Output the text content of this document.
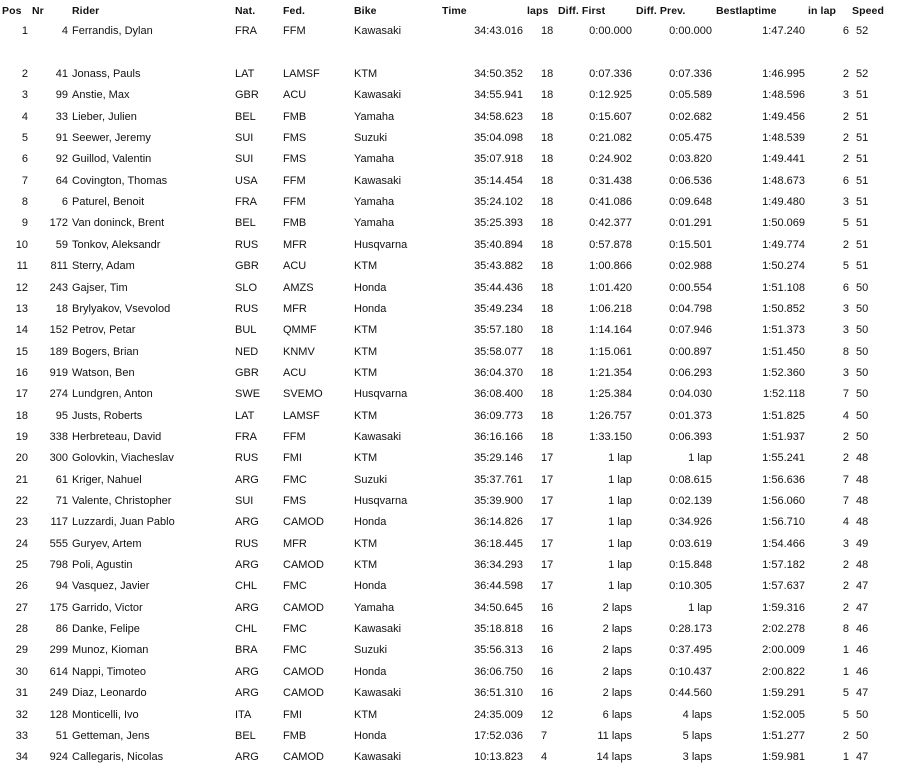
Pos Nr	Rider	Nat.	Fed.	Bike	Time	laps Diff. First	Diff. Prev.	Bestlaptime	in lap	Speed
1	4 Ferrandis, Dylan	FRA	FFM	Kawasaki	34:43.016	18	0:00.000	0:00.000	1:47.240	6 52
2	41 Jonass, Pauls	LAT	LAMSF	KTM	34:50.352	18	0:07.336	0:07.336	1:46.995	2 52
3	99 Anstie, Max	GBR	ACU	Kawasaki	34:55.941	18	0:12.925	0:05.589	1:48.596	3 51
4	33 Lieber, Julien	BEL	FMB	Yamaha	34:58.623	18	0:15.607	0:02.682	1:49.456	2 51
5	91 Seewer, Jeremy	SUI	FMS	Suzuki	35:04.098	18	0:21.082	0:05.475	1:48.539	2 51
6	92 Guillod, Valentin	SUI	FMS	Yamaha	35:07.918	18	0:24.902	0:03.820	1:49.441	2 51
7	64 Covington, Thomas	USA	FFM	Kawasaki	35:14.454	18	0:31.438	0:06.536	1:48.673	6 51
8	6 Paturel, Benoit	FRA	FFM	Yamaha	35:24.102	18	0:41.086	0:09.648	1:49.480	3 51
9	172 Van doninck, Brent	BEL	FMB	Yamaha	35:25.393	18	0:42.377	0:01.291	1:50.069	5 51
10	59 Tonkov, Aleksandr	RUS	MFR	Husqvarna	35:40.894	18	0:57.878	0:15.501	1:49.774	2 51
11	811 Sterry, Adam	GBR	ACU	KTM	35:43.882	18	1:00.866	0:02.988	1:50.274	5 51
12	243 Gajser, Tim	SLO	AMZS	Honda	35:44.436	18	1:01.420	0:00.554	1:51.108	6 50
13	18 Brylyakov, Vsevolod	RUS	MFR	Honda	35:49.234	18	1:06.218	0:04.798	1:50.852	3 50
14	152 Petrov, Petar	BUL	QMMF	KTM	35:57.180	18	1:14.164	0:07.946	1:51.373	3 50
15	189 Bogers, Brian	NED	KNMV	KTM	35:58.077	18	1:15.061	0:00.897	1:51.450	8 50
16	919 Watson, Ben	GBR	ACU	KTM	36:04.370	18	1:21.354	0:06.293	1:52.360	3 50
17	274 Lundgren, Anton	SWE	SVEMO	Husqvarna	36:08.400	18	1:25.384	0:04.030	1:52.118	7 50
18	95 Justs, Roberts	LAT	LAMSF	KTM	36:09.773	18	1:26.757	0:01.373	1:51.825	4 50
19	338 Herbreteau, David	FRA	FFM	Kawasaki	36:16.166	18	1:33.150	0:06.393	1:51.937	2 50
20	300 Golovkin, Viacheslav	RUS	FMI	KTM	35:29.146	17	1 lap	1 lap	1:55.241	2 48
21	61 Kriger, Nahuel	ARG	FMC	Suzuki	35:37.761	17	1 lap	0:08.615	1:56.636	7 48
22	71 Valente, Christopher	SUI	FMS	Husqvarna	35:39.900	17	1 lap	0:02.139	1:56.060	7 48
23	117 Luzzardi, Juan Pablo	ARG	CAMOD	Honda	36:14.826	17	1 lap	0:34.926	1:56.710	4 48
24	555 Guryev, Artem	RUS	MFR	KTM	36:18.445	17	1 lap	0:03.619	1:54.466	3 49
25	798 Poli, Agustin	ARG	CAMOD	KTM	36:34.293	17	1 lap	0:15.848	1:57.182	2 48
26	94 Vasquez, Javier	CHL	FMC	Honda	36:44.598	17	1 lap	0:10.305	1:57.637	2 47
27	175 Garrido, Victor	ARG	CAMOD	Yamaha	34:50.645	16	2 laps	1 lap	1:59.316	2 47
28	86 Danke, Felipe	CHL	FMC	Kawasaki	35:18.818	16	2 laps	0:28.173	2:02.278	8 46
29	299 Munoz, Kioman	BRA	FMC	Suzuki	35:56.313	16	2 laps	0:37.495	2:00.009	1 46
30	614 Nappi, Timoteo	ARG	CAMOD	Honda	36:06.750	16	2 laps	0:10.437	2:00.822	1 46
31	249 Diaz, Leonardo	ARG	CAMOD	Kawasaki	36:51.310	16	2 laps	0:44.560	1:59.291	5 47
32	128 Monticelli, Ivo	ITA	FMI	KTM	24:35.009	12	6 laps	4 laps	1:52.005	5 50
33	51 Getteman, Jens	BEL	FMB	Honda	17:52.036	7	11 laps	5 laps	1:51.277	2 50
34	924 Callegaris, Nicolas	ARG	CAMOD	Kawasaki	10:13.823	4	14 laps	3 laps	1:59.981	1 47
